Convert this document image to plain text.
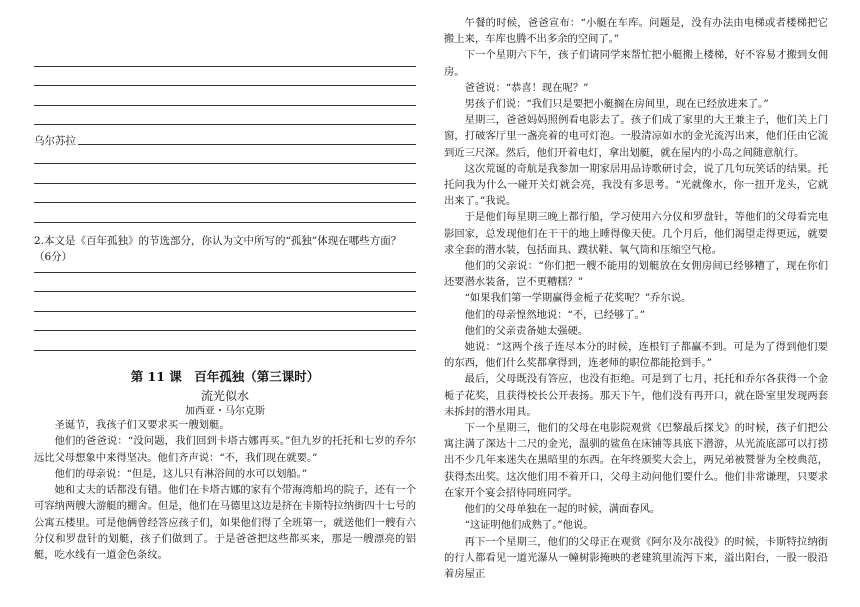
乌尔苏拉
2.本文是《百年孤独》的节选部分，你认为文中所写的“孤独”体现在哪些方面？（6分）
第 11 课　百年孤独（第三课时）
流光似水
加西亚・马尔克斯

圣诞节，我孩子们又要求买一艘划艇。

他们的爸爸说：“没问题，我们回到卡塔古娜再买。”但九岁的托托和七岁的乔尔远比父母想象中来得坚决。他们齐声说：“不，我们现在就要。”

他们的母亲说：“但是，这儿只有淋浴间的水可以划船。”

她和丈夫的话都没有错。他们在卡塔古娜的家有个带海湾船坞的院子，还有一个可容纳两艘大游艇的棚舍。但是，他们在马德里这边是挤在卡斯特拉纳街四十七号的公寓五楼里。可是他俩曾经答应孩子们，如果他们得了全班第一，就送他们一艘有六分仪和罗盘针的划艇，孩子们做到了。于是爸爸把这些都买来，那是一艘漂亮的铝艇，吃水线有一道金色条纹。

午餐的时候，爸爸宣布：“小艇在车库。问题是，没有办法由电梯或者楼梯把它搬上来，车库也腾不出多余的空间了。”

下一个星期六下午，孩子们请同学来帮忙把小艇搬上楼梯，好不容易才搬到女佣房。

爸爸说：“恭喜！现在呢？”

男孩子们说：“我们只是要把小艇搁在房间里，现在已经放进来了。”

星期三，爸爸妈妈照例看电影去了。孩子们成了家里的大王兼主子，他们关上门窗，打破客厅里一盏亮着的电可灯泡。一股清凉如水的金光流泻出来，他们任由它流到近三尺深。然后，他们开着电灯，拿出划艇，就在屋内的小岛之间随意航行。

这次荒诞的奇航是我参加一期家居用品诗歌研讨会，说了几句玩笑话的结果。托托问我为什么一碰开关灯就会亮，我没有多思考。“光就像水，你一扭开龙头，它就出来了。”我说。

于是他们每星期三晚上都行船，学习使用六分仪和罗盘针，等他们的父母看完电影回家，总发现他们在干干的地上睡得像天使。几个月后，他们渴望走得更远，就要求全套的潜水装，包括面具、蹼状鞋、氧气筒和压缩空气枪。

他们的父亲说：“你们把一艘不能用的划艇放在女佣房间已经够糟了，现在你们还要潜水装备，岂不更糟糕？”

“如果我们第一学期赢得金栀子花奖呢？”乔尔说。

他们的母亲惶然地说：“不，已经够了。”

他们的父亲责备她太强硬。

她说：“这两个孩子连尽本分的时候，连根钉子都赢不到。可是为了得到他们要的东西，他们什么奖都拿得到，连老师的职位都能抢到手。”

最后，父母既没有答应，也没有拒绝。可是到了七月，托托和乔尔各获得一个金栀子花奖，且获得校长公开表扬。那天下午，他们没有再开口，就在卧室里发现两套未拆封的潜水用具。

下一个星期三，他们的父母在电影院观赏《巴黎最后探戈》的时候，孩子们把公寓注满了深达十二尺的金光，温驯的鲨鱼在床铺等具底下潜游，从光流底部可以打捞出不少几年来迷失在黑暗里的东西。在年终颁奖大会上，两兄弟被赞誉为全校典范，获得杰出奖。这次他们用不着开口，父母主动问他们要什么。他们非常谦理，只要求在家开个宴会招待同班同学。

他们的父母单独在一起的时候，满面春风。

“这证明他们成熟了。”他说。

再下一个星期三，他们的父母正在观赏《阿尔及尔战役》的时候，卡斯特拉纳街的行人都看见一道光瀑从一幢树影掩映的老建筑里流泻下来，溢出阳台，一股一股沿着房屋正
